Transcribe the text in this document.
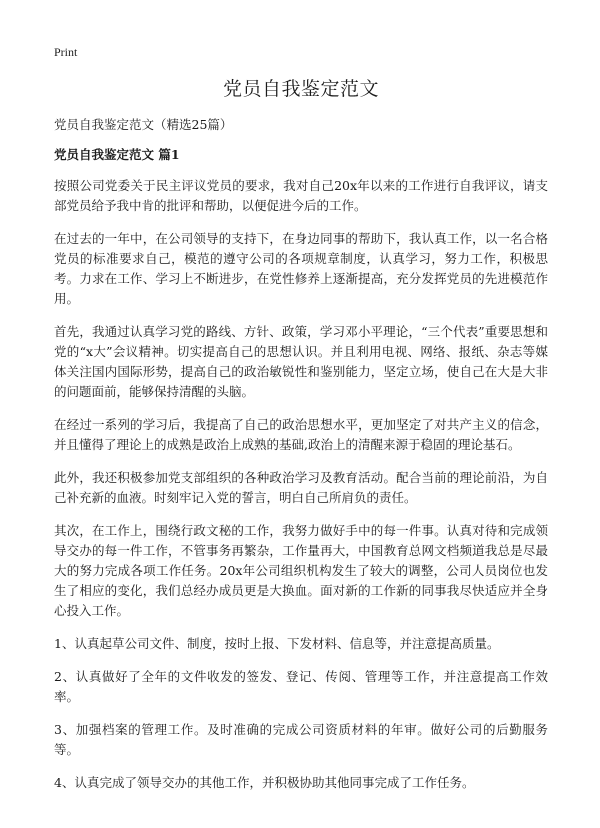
Print
党员自我鉴定范文
党员自我鉴定范文（精选25篇）
党员自我鉴定范文 篇1

按照公司党委关于民主评议党员的要求，我对自己20x年以来的工作进行自我评议，请支部党员给予我中肯的批评和帮助，以便促进今后的工作。

在过去的一年中，在公司领导的支持下，在身边同事的帮助下，我认真工作，以一名合格党员的标准要求自己，模范的遵守公司的各项规章制度，认真学习，努力工作，积极思考。力求在工作、学习上不断进步，在党性修养上逐渐提高，充分发挥党员的先进模范作用。

首先，我通过认真学习党的路线、方针、政策，学习邓小平理论，“三个代表”重要思想和党的“x大”会议精神。切实提高自己的思想认识。并且利用电视、网络、报纸、杂志等媒体关注国内国际形势，提高自己的政治敏锐性和鉴别能力，坚定立场，使自己在大是大非的问题面前，能够保持清醒的头脑。

在经过一系列的学习后，我提高了自己的政治思想水平，更加坚定了对共产主义的信念，并且懂得了理论上的成熟是政治上成熟的基础,政治上的清醒来源于稳固的理论基石。

此外，我还积极参加党支部组织的各种政治学习及教育活动。配合当前的理论前沿，为自己补充新的血液。时刻牢记入党的誓言，明白自己所肩负的责任。

其次，在工作上，围绕行政文秘的工作，我努力做好手中的每一件事。认真对待和完成领导交办的每一件工作，不管事务再繁杂，工作量再大，中国教育总网文档频道我总是尽最大的努力完成各项工作任务。20x年公司组织机构发生了较大的调整，公司人员岗位也发生了相应的变化，我们总经办成员更是大换血。面对新的工作新的同事我尽快适应并全身心投入工作。

1、认真起草公司文件、制度，按时上报、下发材料、信息等，并注意提高质量。

2、认真做好了全年的文件收发的签发、登记、传阅、管理等工作，并注意提高工作效率。

3、加强档案的管理工作。及时准确的完成公司资质材料的年审。做好公司的后勤服务等。

4、认真完成了领导交办的其他工作，并积极协助其他同事完成了工作任务。
